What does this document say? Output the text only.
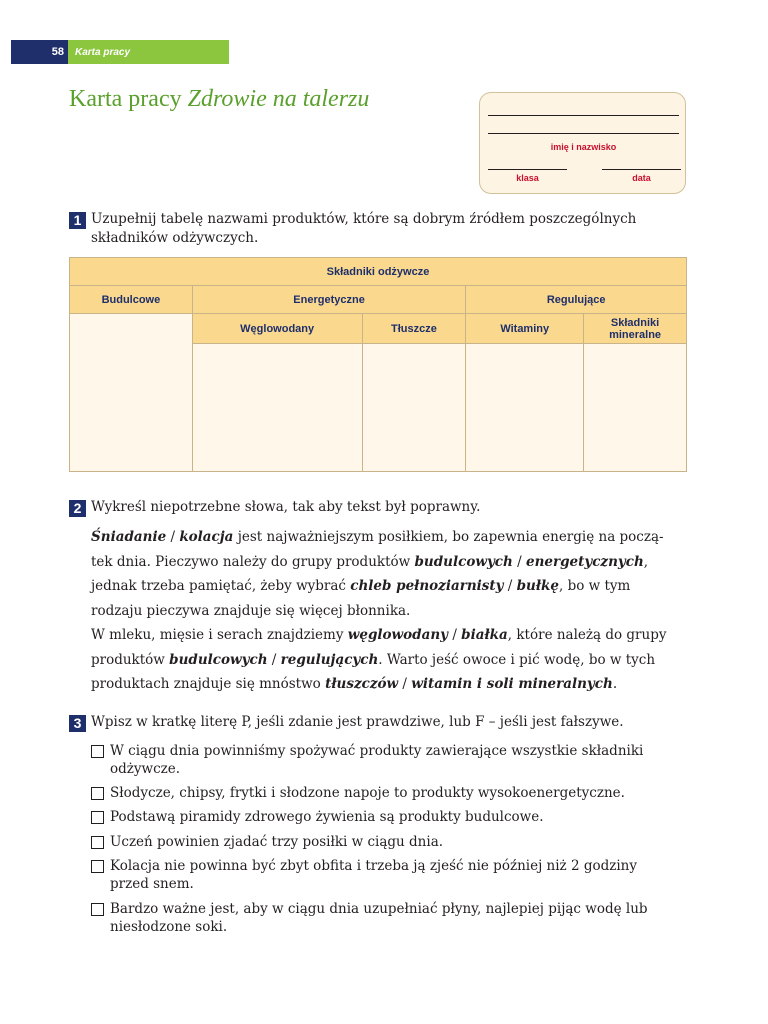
58	Karta pracy
Karta pracy Zdrowie na talerzu
imię i nazwisko
klasa	data
1 Uzupełnij tabelę nazwami produktów, które są dobrym źródłem poszczególnych składników odżywczych.
Składniki odżywcze				
Budulcowe	Energetyczne		Regulujące	
	Węglowodany	Tłuszcze	Witaminy	Składniki
mineralne

2 Wykreśl niepotrzebne słowa, tak aby tekst był poprawny.
Śniadanie / kolacja jest najważniejszym posiłkiem, bo zapewnia energię na począ-
tek dnia. Pieczywo należy do grupy produktów budulcowych / energetycznych,
jednak trzeba pamiętać, żeby wybrać chleb pełnoziarnisty / bułkę, bo w tym
rodzaju pieczywa znajduje się więcej błonnika.
W mleku, mięsie i serach znajdziemy węglowodany / białka, które należą do grupy
produktów budulcowych / regulujących. Warto jeść owoce i pić wodę, bo w tych
produktach znajduje się mnóstwo tłuszczów / witamin i soli mineralnych.
3 Wpisz w kratkę literę P, jeśli zdanie jest prawdziwe, lub F – jeśli jest fałszywe.
W ciągu dnia powinniśmy spożywać produkty zawierające wszystkie składniki
odżywcze.
Słodycze, chipsy, frytki i słodzone napoje to produkty wysokoenergetyczne.
Podstawą piramidy zdrowego żywienia są produkty budulcowe.
Uczeń powinien zjadać trzy posiłki w ciągu dnia.
Kolacja nie powinna być zbyt obfita i trzeba ją zjeść nie później niż 2 godziny
przed snem.
Bardzo ważne jest, aby w ciągu dnia uzupełniać płyny, najlepiej pijąc wodę lub
niesłodzone soki.
